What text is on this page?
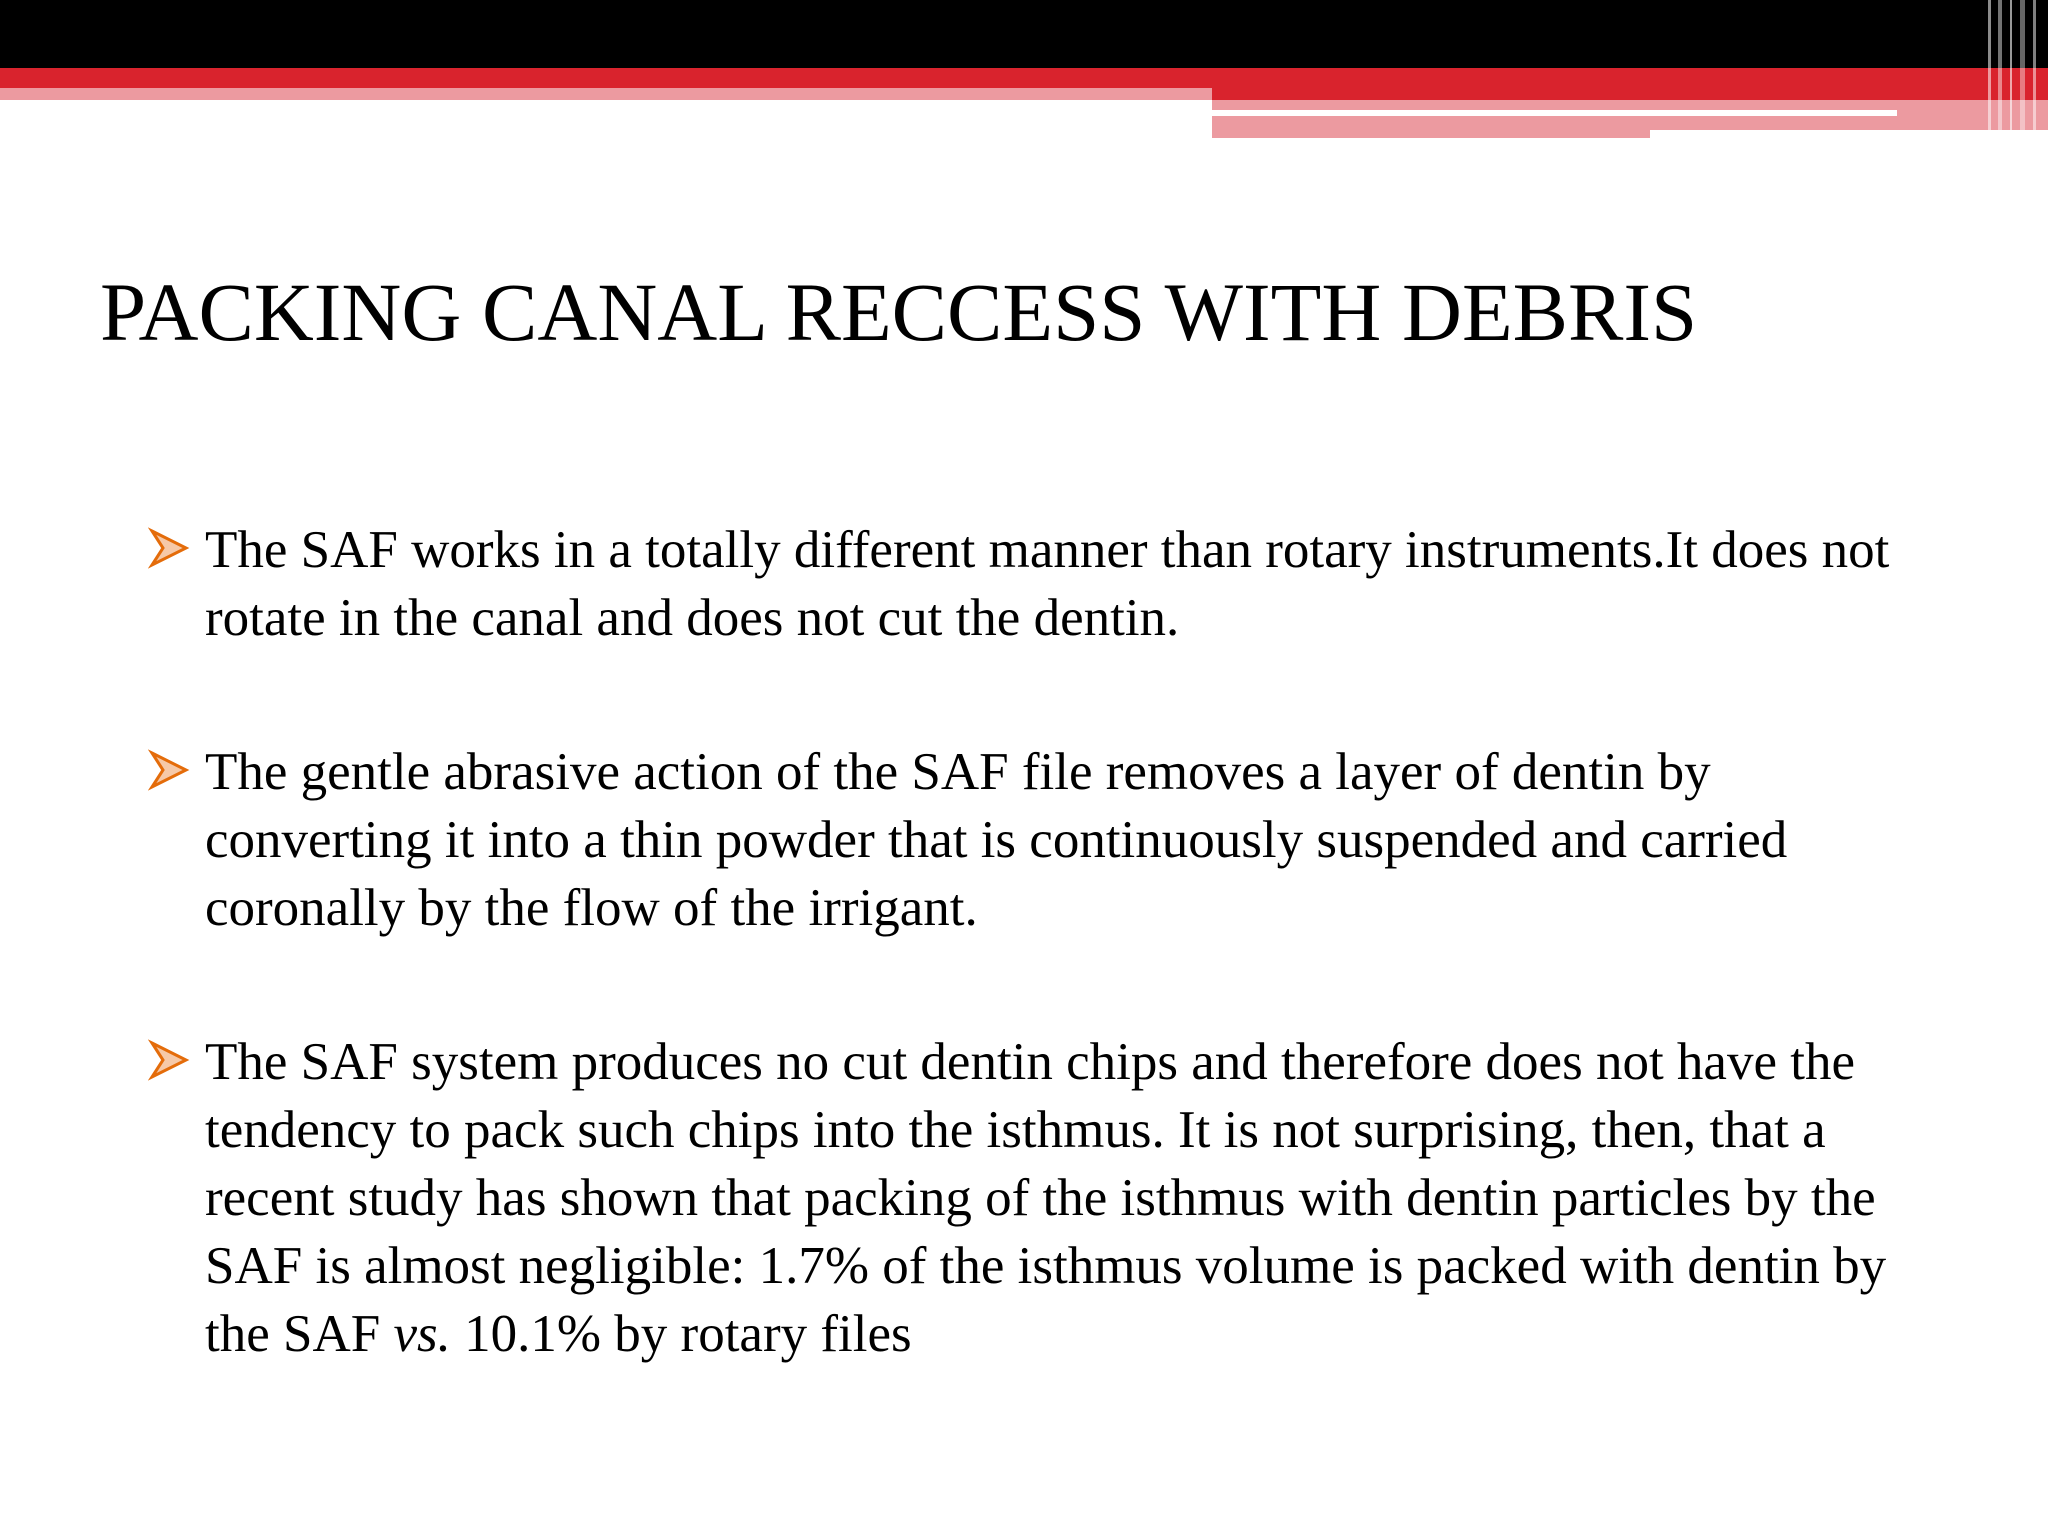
PACKING CANAL RECCESS WITH DEBRIS
The SAF works in a totally different manner than rotary instruments.It does not rotate in the canal and does not cut the dentin.
The gentle abrasive action of the SAF file removes a layer of dentin by converting it into a thin powder that is continuously suspended and carried coronally by the flow of the irrigant.
The SAF system produces no cut dentin chips and therefore does not have the tendency to pack such chips into the isthmus. It is not surprising, then, that a recent study has shown that packing of the isthmus with dentin particles by the SAF is almost negligible: 1.7% of the isthmus volume is packed with dentin by the SAF vs. 10.1% by rotary files
